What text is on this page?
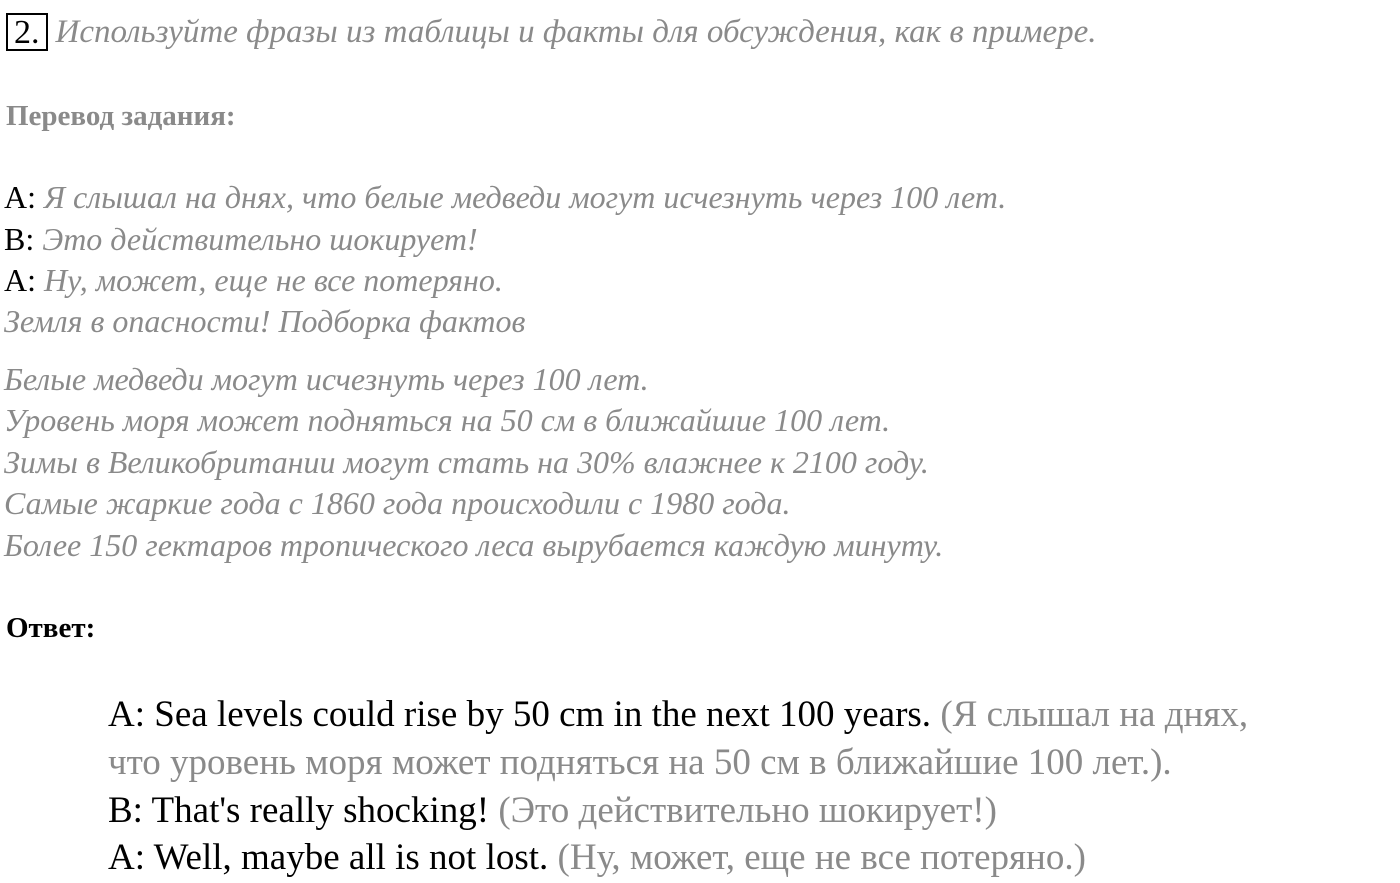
2. Используйте фразы из таблицы и факты для обсуждения, как в примере.
Перевод задания:
A: Я слышал на днях, что белые медведи могут исчезнуть через 100 лет.
B: Это действительно шокирует!
A: Ну, может, еще не все потеряно.
Земля в опасности! Подборка фактов
Белые медведи могут исчезнуть через 100 лет.
Уровень моря может подняться на 50 см в ближайшие 100 лет.
Зимы в Великобритании могут стать на 30% влажнее к 2100 году.
Самые жаркие года с 1860 года происходили с 1980 года.
Более 150 гектаров тропического леса вырубается каждую минуту.
Ответ:
A: Sea levels could rise by 50 cm in the next 100 years. (Я слышал на днях,
что уровень моря может подняться на 50 см в ближайшие 100 лет.).
B: That's really shocking! (Это действительно шокирует!)
A: Well, maybe all is not lost. (Ну, может, еще не все потеряно.)
